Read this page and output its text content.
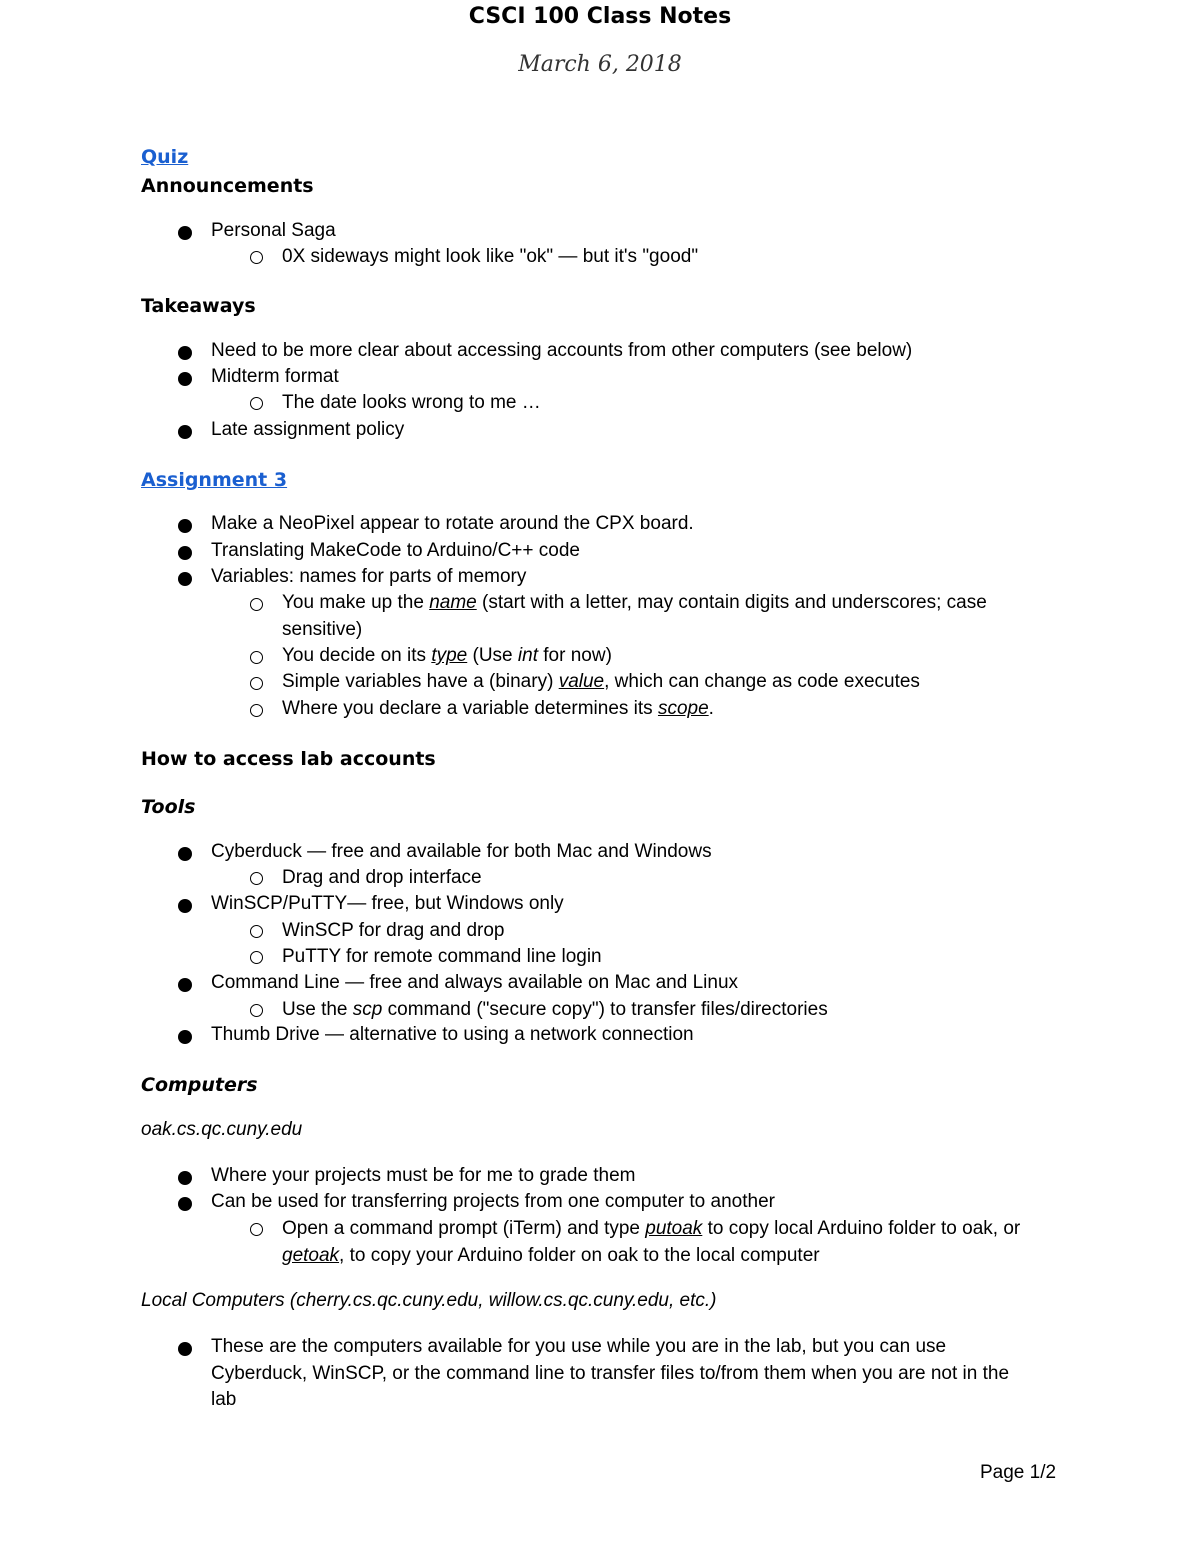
CSCI 100 Class Notes
March 6, 2018
Quiz
Announcements
Personal Saga
0X sideways might look like "ok" — but it's "good"
Takeaways
Need to be more clear about accessing accounts from other computers (see below)
Midterm format
The date looks wrong to me …
Late assignment policy
Assignment 3
Make a NeoPixel appear to rotate around the CPX board.
Translating MakeCode to Arduino/C++ code
Variables: names for parts of memory
You make up the name (start with a letter, may contain digits and underscores; case
sensitive)
You decide on its type (Use int for now)
Simple variables have a (binary) value, which can change as code executes
Where you declare a variable determines its scope.
How to access lab accounts
Tools
Cyberduck — free and available for both Mac and Windows
Drag and drop interface
WinSCP/PuTTY— free, but Windows only
WinSCP for drag and drop
PuTTY for remote command line login
Command Line — free and always available on Mac and Linux
Use the scp command ("secure copy") to transfer files/directories
Thumb Drive — alternative to using a network connection
Computers
oak.cs.qc.cuny.edu
Where your projects must be for me to grade them
Can be used for transferring projects from one computer to another
Open a command prompt (iTerm) and type putoak to copy local Arduino folder to oak, or
getoak, to copy your Arduino folder on oak to the local computer
Local Computers (cherry.cs.qc.cuny.edu, willow.cs.qc.cuny.edu, etc.)
These are the computers available for you use while you are in the lab, but you can use
Cyberduck, WinSCP, or the command line to transfer files to/from them when you are not in the
lab
Page 1/2
